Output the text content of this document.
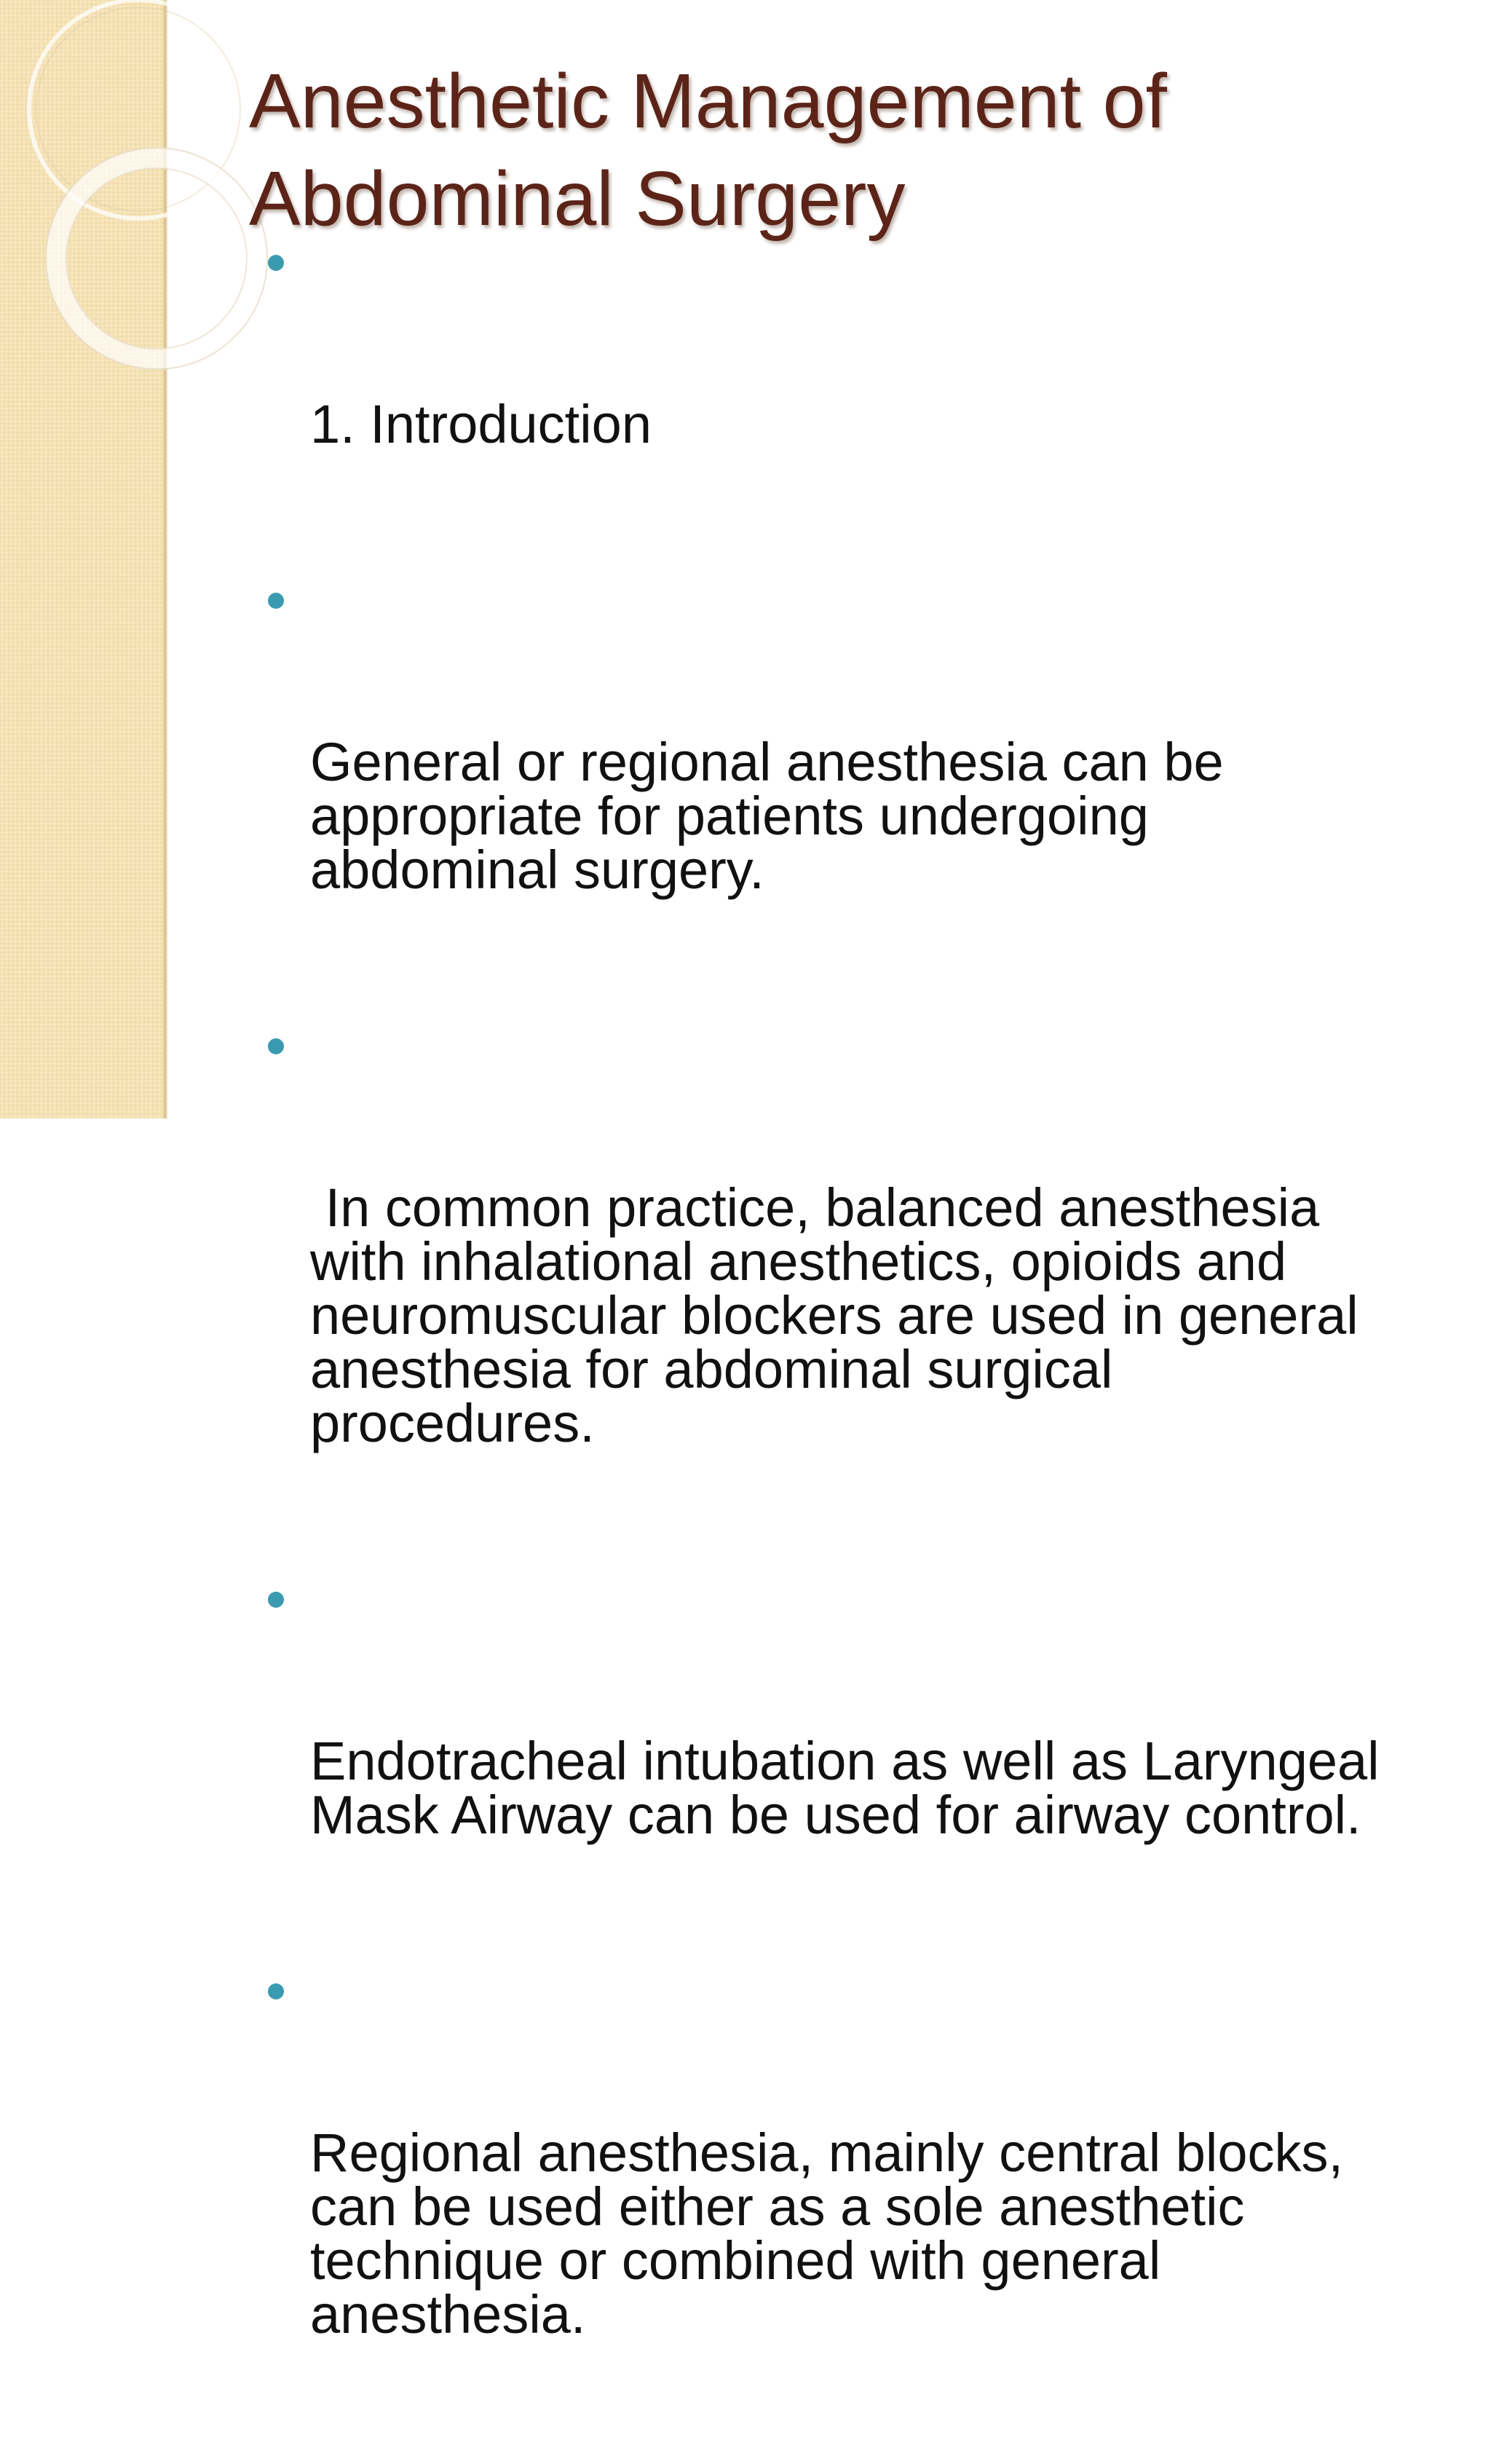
Anesthetic Management of
Abdominal Surgery

1. Introduction

General or regional anesthesia can be
appropriate for patients undergoing
abdominal surgery.

In common practice, balanced anesthesia
with inhalational anesthetics, opioids and
neuromuscular blockers are used in general
anesthesia for abdominal surgical
procedures.

Endotracheal intubation as well as Laryngeal
Mask Airway can be used for airway control.

Regional anesthesia, mainly central blocks,
can be used either as a sole anesthetic
technique or combined with general
anesthesia.
